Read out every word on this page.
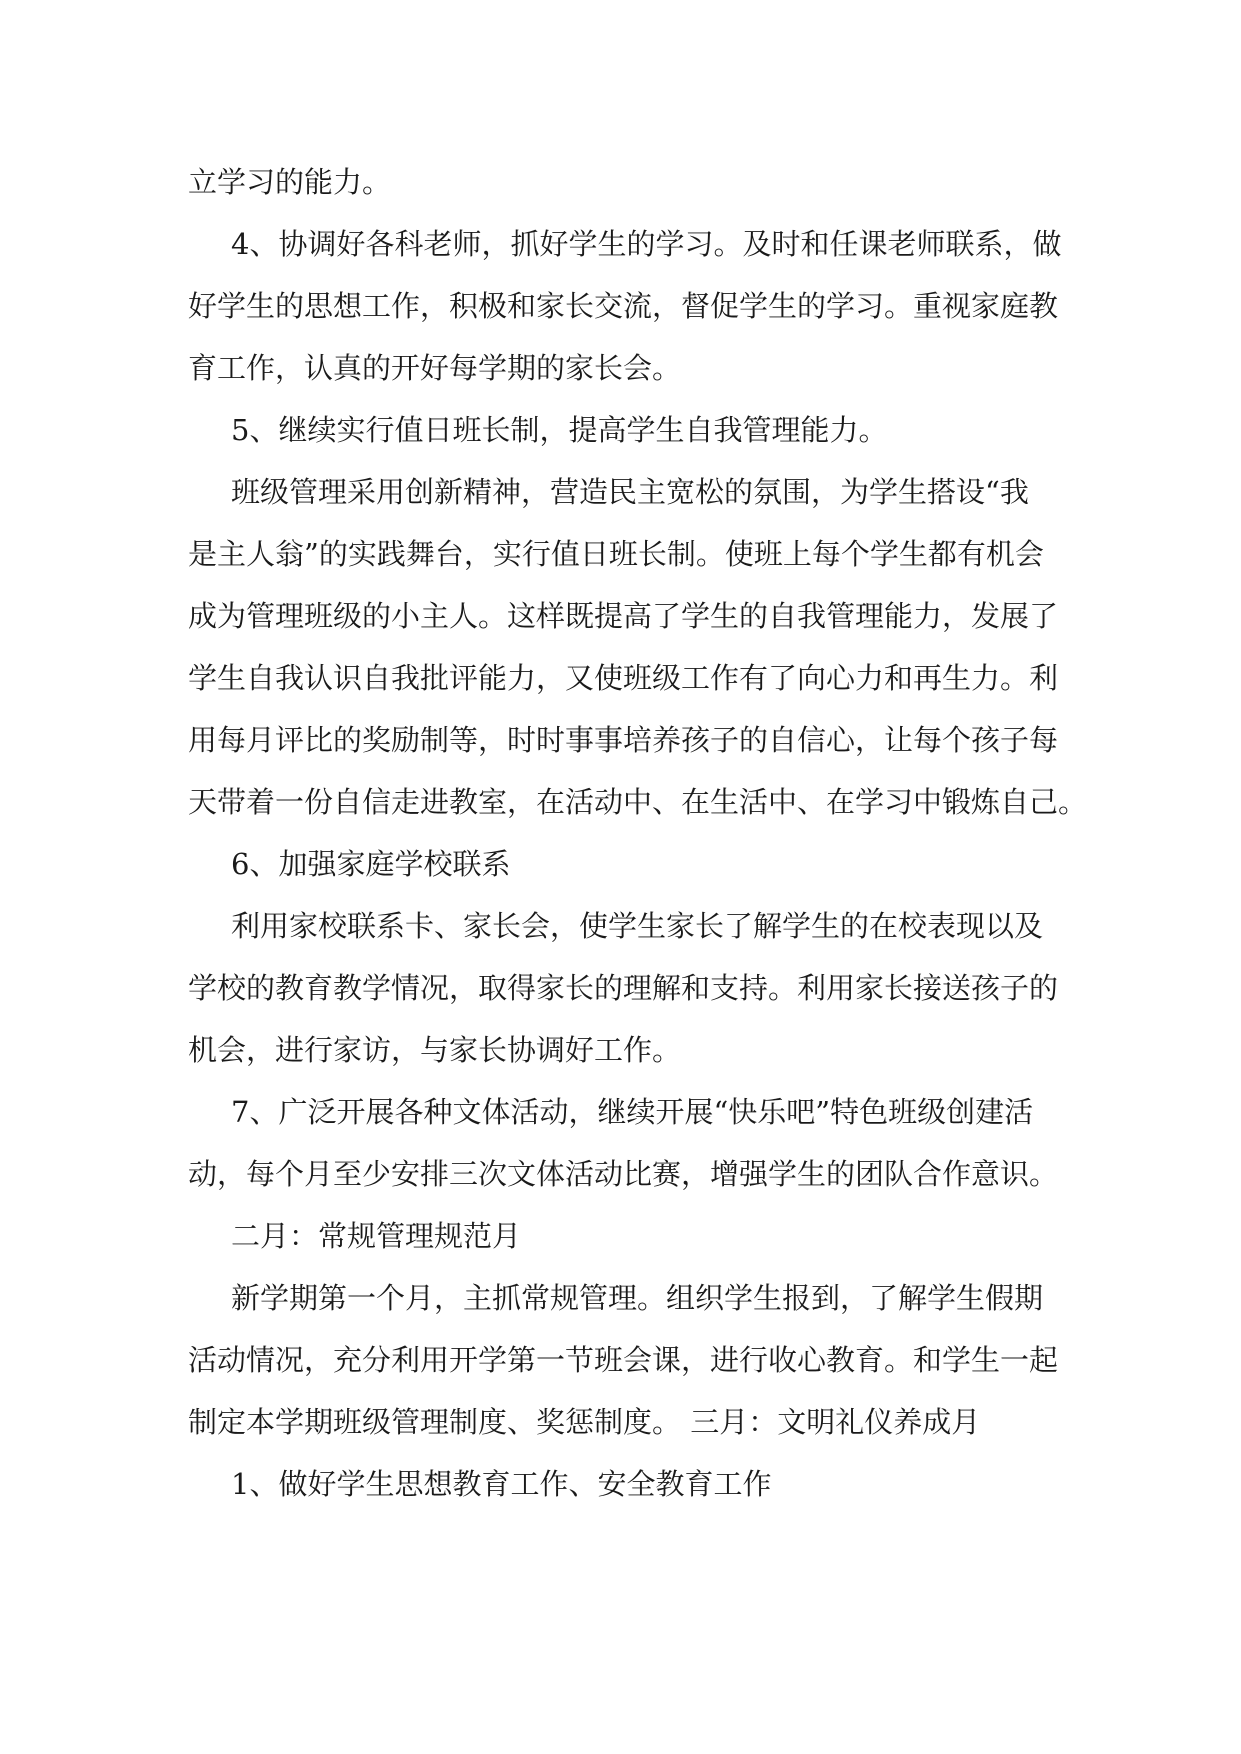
立学习的能力。

4、协调好各科老师，抓好学生的学习。及时和任课老师联系，做

好学生的思想工作，积极和家长交流，督促学生的学习。重视家庭教

育工作，认真的开好每学期的家长会。

5、继续实行值日班长制，提高学生自我管理能力。

班级管理采用创新精神，营造民主宽松的氛围，为学生搭设“我

是主人翁”的实践舞台，实行值日班长制。使班上每个学生都有机会

成为管理班级的小主人。这样既提高了学生的自我管理能力，发展了

学生自我认识自我批评能力，又使班级工作有了向心力和再生力。利

用每月评比的奖励制等，时时事事培养孩子的自信心，让每个孩子每

天带着一份自信走进教室，在活动中、在生活中、在学习中锻炼自己。

6、加强家庭学校联系

利用家校联系卡、家长会，使学生家长了解学生的在校表现以及

学校的教育教学情况，取得家长的理解和支持。利用家长接送孩子的

机会，进行家访，与家长协调好工作。

7、广泛开展各种文体活动，继续开展“快乐吧”特色班级创建活

动，每个月至少安排三次文体活动比赛，增强学生的团队合作意识。

二月：常规管理规范月

新学期第一个月，主抓常规管理。组织学生报到，了解学生假期

活动情况，充分利用开学第一节班会课，进行收心教育。和学生一起

制定本学期班级管理制度、奖惩制度。 三月：文明礼仪养成月

1、做好学生思想教育工作、安全教育工作
